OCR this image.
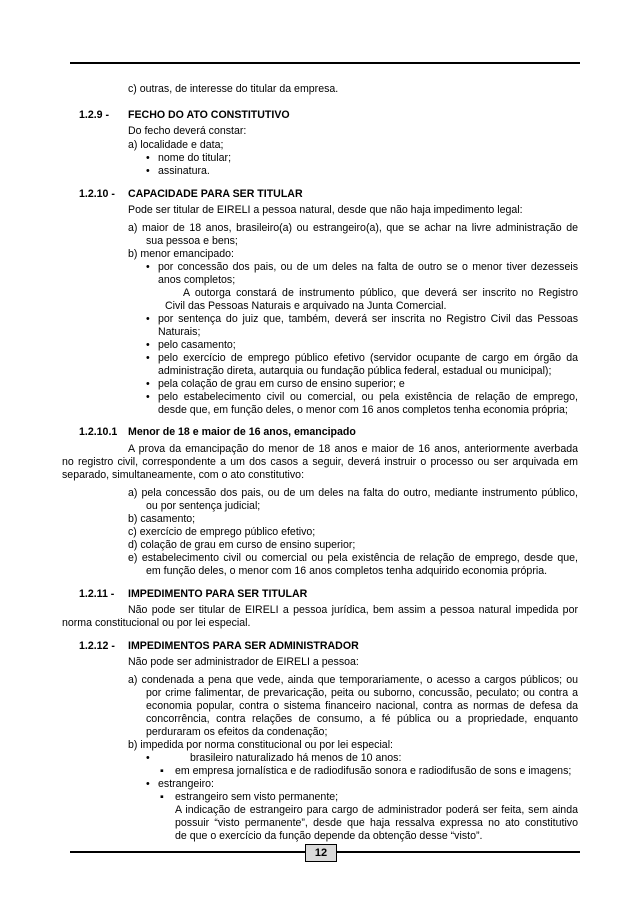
c) outras, de interesse do titular da empresa.
1.2.9 - FECHO DO ATO CONSTITUTIVO
Do fecho deverá constar:
a) localidade e data;
• nome do titular;
• assinatura.
1.2.10 - CAPACIDADE PARA SER TITULAR
Pode ser titular de EIRELI a pessoa natural, desde que não haja impedimento legal:
a) maior de 18 anos, brasileiro(a) ou estrangeiro(a), que se achar na livre administração de
sua pessoa e bens;
b) menor emancipado:
• por concessão dos pais, ou de um deles na falta de outro se o menor tiver dezesseis
anos completos;
A outorga constará de instrumento público, que deverá ser inscrito no Registro
Civil das Pessoas Naturais e arquivado na Junta Comercial.
• por sentença do juiz que, também, deverá ser inscrita no Registro Civil das Pessoas
Naturais;
• pelo casamento;
• pelo exercício de emprego público efetivo (servidor ocupante de cargo em órgão da
administração direta, autarquia ou fundação pública federal, estadual ou municipal);
• pela colação de grau em curso de ensino superior; e
• pelo estabelecimento civil ou comercial, ou pela existência de relação de emprego,
desde que, em função deles, o menor com 16 anos completos tenha economia própria;
1.2.10.1 Menor de 18 e maior de 16 anos, emancipado
A prova da emancipação do menor de 18 anos e maior de 16 anos, anteriormente averbada
no registro civil, correspondente a um dos casos a seguir, deverá instruir o processo ou ser arquivada em
separado, simultaneamente, com o ato constitutivo:
a) pela concessão dos pais, ou de um deles na falta do outro, mediante instrumento público,
ou por sentença judicial;
b) casamento;
c) exercício de emprego público efetivo;
d) colação de grau em curso de ensino superior;
e) estabelecimento civil ou comercial ou pela existência de relação de emprego, desde que,
em função deles, o menor com 16 anos completos tenha adquirido economia própria.
1.2.11 - IMPEDIMENTO PARA SER TITULAR
Não pode ser titular de EIRELI a pessoa jurídica, bem assim a pessoa natural impedida por
norma constitucional ou por lei especial.
1.2.12 - IMPEDIMENTOS PARA SER ADMINISTRADOR
Não pode ser administrador de EIRELI a pessoa:
a) condenada a pena que vede, ainda que temporariamente, o acesso a cargos públicos; ou
por crime falimentar, de prevaricação, peita ou suborno, concussão, peculato; ou contra a
economia popular, contra o sistema financeiro nacional, contra as normas de defesa da
concorrência, contra relações de consumo, a fé pública ou a propriedade, enquanto
perduraram os efeitos da condenação;
b) impedida por norma constitucional ou por lei especial:
•	brasileiro naturalizado há menos de 10 anos:
▪ em empresa jornalística e de radiodifusão sonora e radiodifusão de sons e imagens;
• estrangeiro:
▪ estrangeiro sem visto permanente;
A indicação de estrangeiro para cargo de administrador poderá ser feita, sem ainda
possuir “visto permanente”, desde que haja ressalva expressa no ato constitutivo
de que o exercício da função depende da obtenção desse “visto”.
12
